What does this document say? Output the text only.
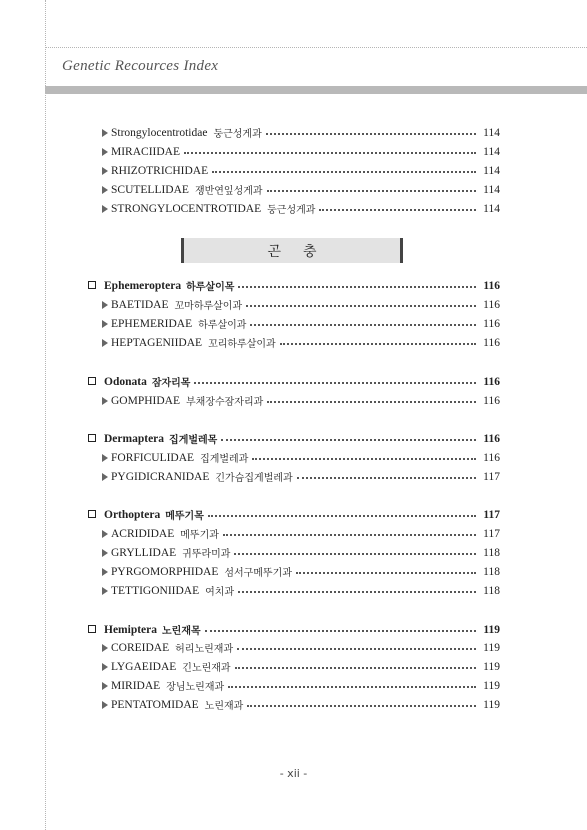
Genetic Recources Index
Strongylocentrotidae 둥근성게과	114
MIRACIIDAE	114
RHIZOTRICHIDAE	114
SCUTELLIDAE 쟁반연잎성게과	114
STRONGYLOCENTROTIDAE 둥근성게과	114
곤충
Ephemeroptera 하루살이목	116
BAETIDAE 꼬마하루살이과	116
EPHEMERIDAE 하루살이과	116
HEPTAGENIIDAE 꼬리하루살이과	116
Odonata 잠자리목	116
GOMPHIDAE 부채장수잠자리과	116
Dermaptera 집게벌레목	116
FORFICULIDAE 집게벌레과	116
PYGIDICRANIDAE 긴가슴집게벌레과	117
Orthoptera 메뚜기목	117
ACRIDIDAE 메뚜기과	117
GRYLLIDAE 귀뚜라미과	118
PYRGOMORPHIDAE 섬서구메뚜기과	118
TETTIGONIIDAE 여치과	118
Hemiptera 노린재목	119
COREIDAE 허리노린재과	119
LYGAEIDAE 긴노린재과	119
MIRIDAE 장님노린재과	119
PENTATOMIDAE 노린재과	119
- xii -
